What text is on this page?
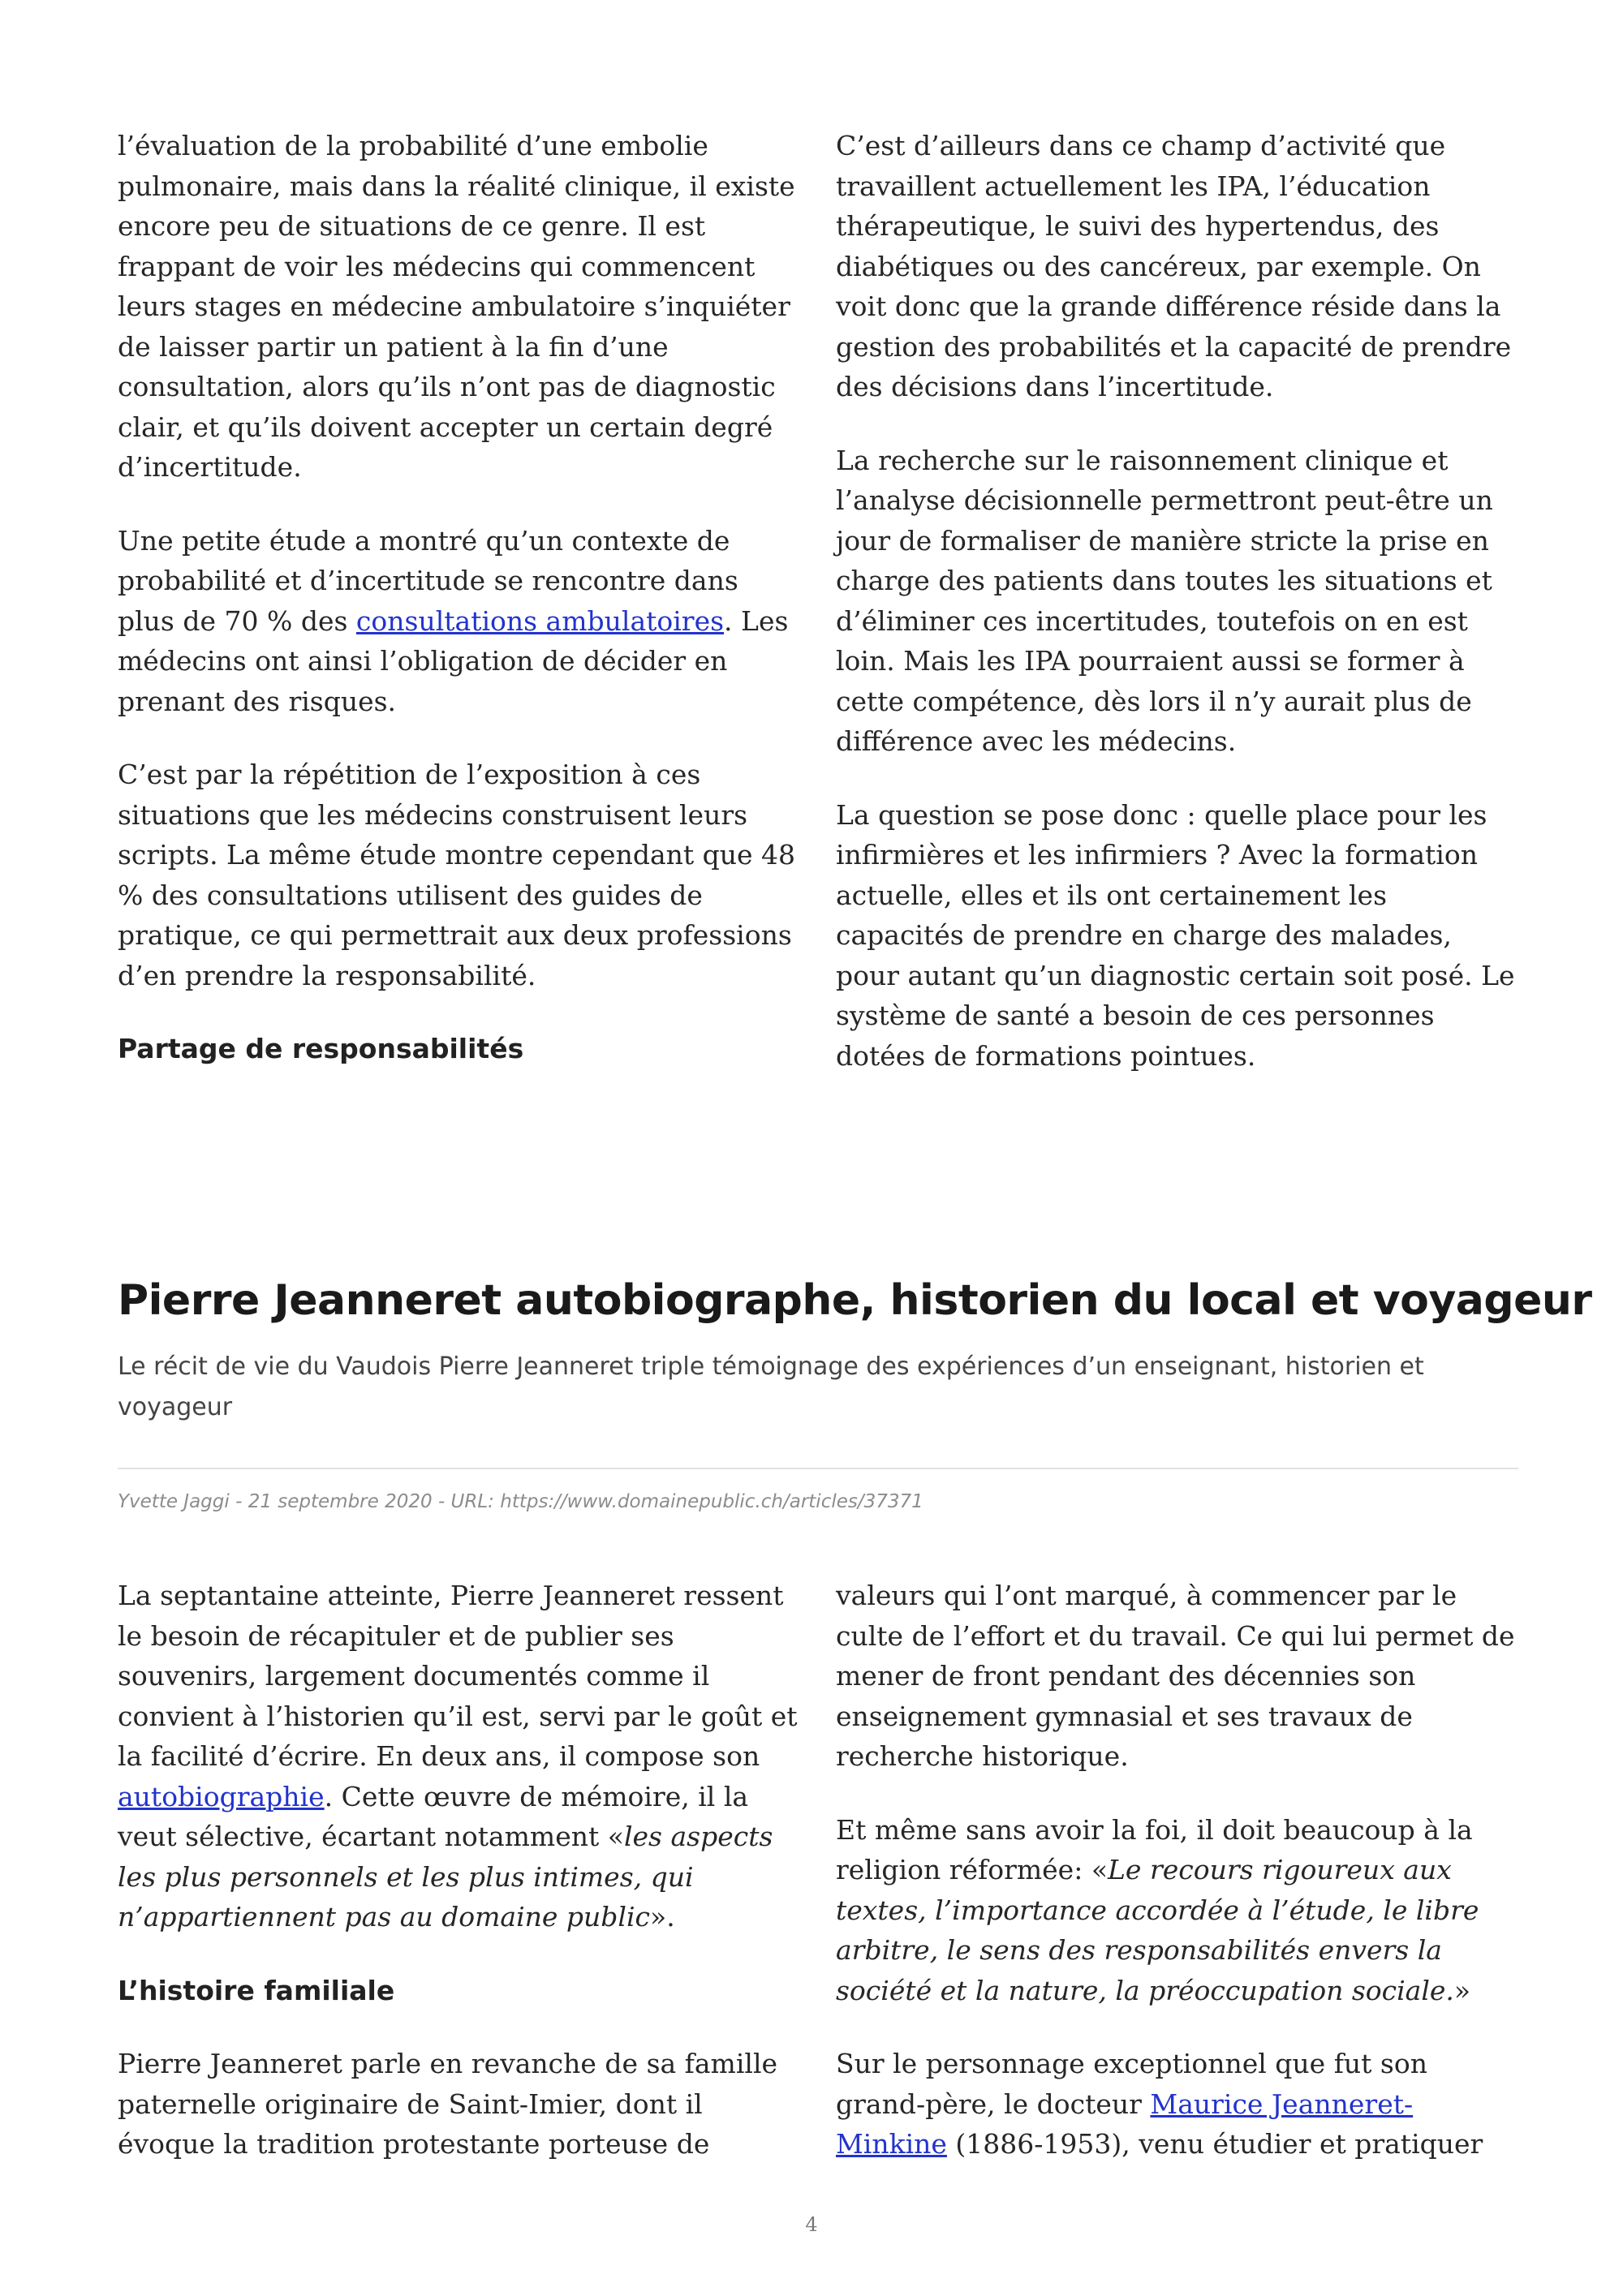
l’évaluation de la probabilité d’une embolie pulmonaire, mais dans la réalité clinique, il existe encore peu de situations de ce genre. Il est frappant de voir les médecins qui commencent leurs stages en médecine ambulatoire s’inquiéter de laisser partir un patient à la fin d’une consultation, alors qu’ils n’ont pas de diagnostic clair, et qu’ils doivent accepter un certain degré d’incertitude.

Une petite étude a montré qu’un contexte de probabilité et d’incertitude se rencontre dans plus de 70 % des consultations ambulatoires. Les médecins ont ainsi l’obligation de décider en prenant des risques.

C’est par la répétition de l’exposition à ces situations que les médecins construisent leurs scripts. La même étude montre cependant que 48 % des consultations utilisent des guides de pratique, ce qui permettrait aux deux professions d’en prendre la responsabilité.

Partage de responsabilités

C’est d’ailleurs dans ce champ d’activité que travaillent actuellement les IPA, l’éducation thérapeutique, le suivi des hypertendus, des diabétiques ou des cancéreux, par exemple. On voit donc que la grande différence réside dans la gestion des probabilités et la capacité de prendre des décisions dans l’incertitude.

La recherche sur le raisonnement clinique et l’analyse décisionnelle permettront peut-être un jour de formaliser de manière stricte la prise en charge des patients dans toutes les situations et d’éliminer ces incertitudes, toutefois on en est loin. Mais les IPA pourraient aussi se former à cette compétence, dès lors il n’y aurait plus de différence avec les médecins.

La question se pose donc : quelle place pour les infirmières et les infirmiers ? Avec la formation actuelle, elles et ils ont certainement les capacités de prendre en charge des malades, pour autant qu’un diagnostic certain soit posé. Le système de santé a besoin de ces personnes dotées de formations pointues.

Pierre Jeanneret autobiographe, historien du local et voyageur

Le récit de vie du Vaudois Pierre Jeanneret triple témoignage des expériences d’un enseignant, historien et voyageur

Yvette Jaggi - 21 septembre 2020 - URL: https://www.domainepublic.ch/articles/37371

La septantaine atteinte, Pierre Jeanneret ressent le besoin de récapituler et de publier ses souvenirs, largement documentés comme il convient à l’historien qu’il est, servi par le goût et la facilité d’écrire. En deux ans, il compose son autobiographie. Cette œuvre de mémoire, il la veut sélective, écartant notamment «les aspects les plus personnels et les plus intimes, qui n’appartiennent pas au domaine public».

L’histoire familiale

Pierre Jeanneret parle en revanche de sa famille paternelle originaire de Saint-Imier, dont il évoque la tradition protestante porteuse de

valeurs qui l’ont marqué, à commencer par le culte de l’effort et du travail. Ce qui lui permet de mener de front pendant des décennies son enseignement gymnasial et ses travaux de recherche historique.

Et même sans avoir la foi, il doit beaucoup à la religion réformée: «Le recours rigoureux aux textes, l’importance accordée à l’étude, le libre arbitre, le sens des responsabilités envers la société et la nature, la préoccupation sociale.»

Sur le personnage exceptionnel que fut son grand-père, le docteur Maurice Jeanneret-Minkine (1886-1953), venu étudier et pratiquer

4
